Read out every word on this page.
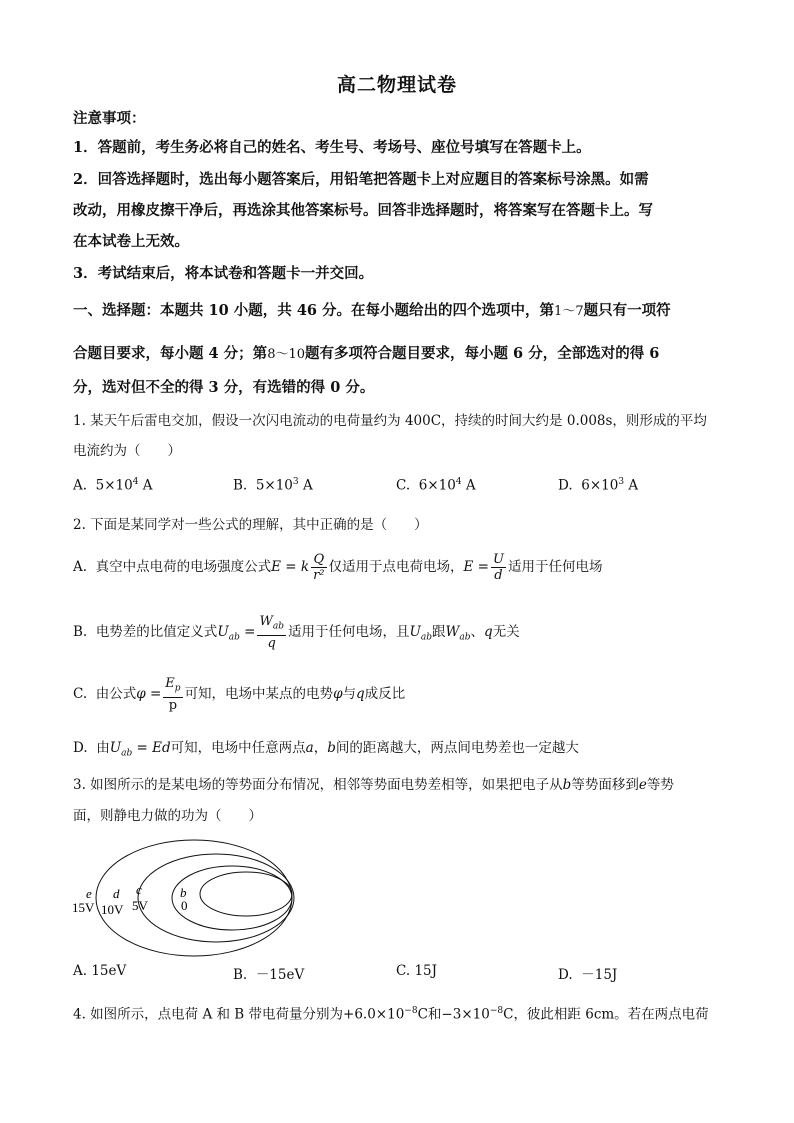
高二物理试卷
注意事项：
1．答题前，考生务必将自己的姓名、考生号、考场号、座位号填写在答题卡上。
2．回答选择题时，选出每小题答案后，用铅笔把答题卡上对应题目的答案标号涂黑。如需
改动，用橡皮擦干净后，再选涂其他答案标号。回答非选择题时，将答案写在答题卡上。写
在本试卷上无效。
3．考试结束后，将本试卷和答题卡一并交回。
一、选择题：本题共 10 小题，共 46 分。在每小题给出的四个选项中，第1～7题只有一项符
合题目要求，每小题 4 分；第8～10题有多项符合题目要求，每小题 6 分，全部选对的得 6
分，选对但不全的得 3 分，有选错的得 0 分。
1. 某天午后雷电交加，假设一次闪电流动的电荷量约为 400C，持续的时间大约是 0.008s，则形成的平均
电流约为（　　）
A. $5\times 10^4$ A	B. $5\times 10^3$ A	C. $6\times 10^4$ A	D. $6\times 10^3$ A
2. 下面是某同学对一些公式的理解，其中正确的是（　　）
A. 真空中点电荷的电场强度公式E = k $\frac{Q}{\text{r²}}$ 仅适用于点电荷电场，$E = \frac{U}{d}$ 适用于任何电场
B. 电势差的比值定义式$U_{ab} = \frac{W_{ab}}{q}$ 适用于任何电场，且$U_{ab}$跟$W_{ab}$、q无关
C. 由公式$\varphi = \frac{E_p}{p}$ 可知，电场中某点的电势φ与q成反比
D. 由$U_{ab} = Ed$可知，电场中任意两点a，b间的距离越大，两点间电势差也一定越大
3. 如图所示的是某电场的等势面分布情况，相邻等势面电势差相等，如果把电子从b等势面移到e等势
面，则静电力做的功为（　　）
e d c	b
15V 10V 5V	0
A. 15eV	B. －15eV	C. 15J	D. －15J
4. 如图所示，点电荷 A 和 B 带电荷量分别为$+6.0\times 10^{-8}C$和$-3\times 10^{-8}C$，彼此相距 6cm。若在两点电荷
